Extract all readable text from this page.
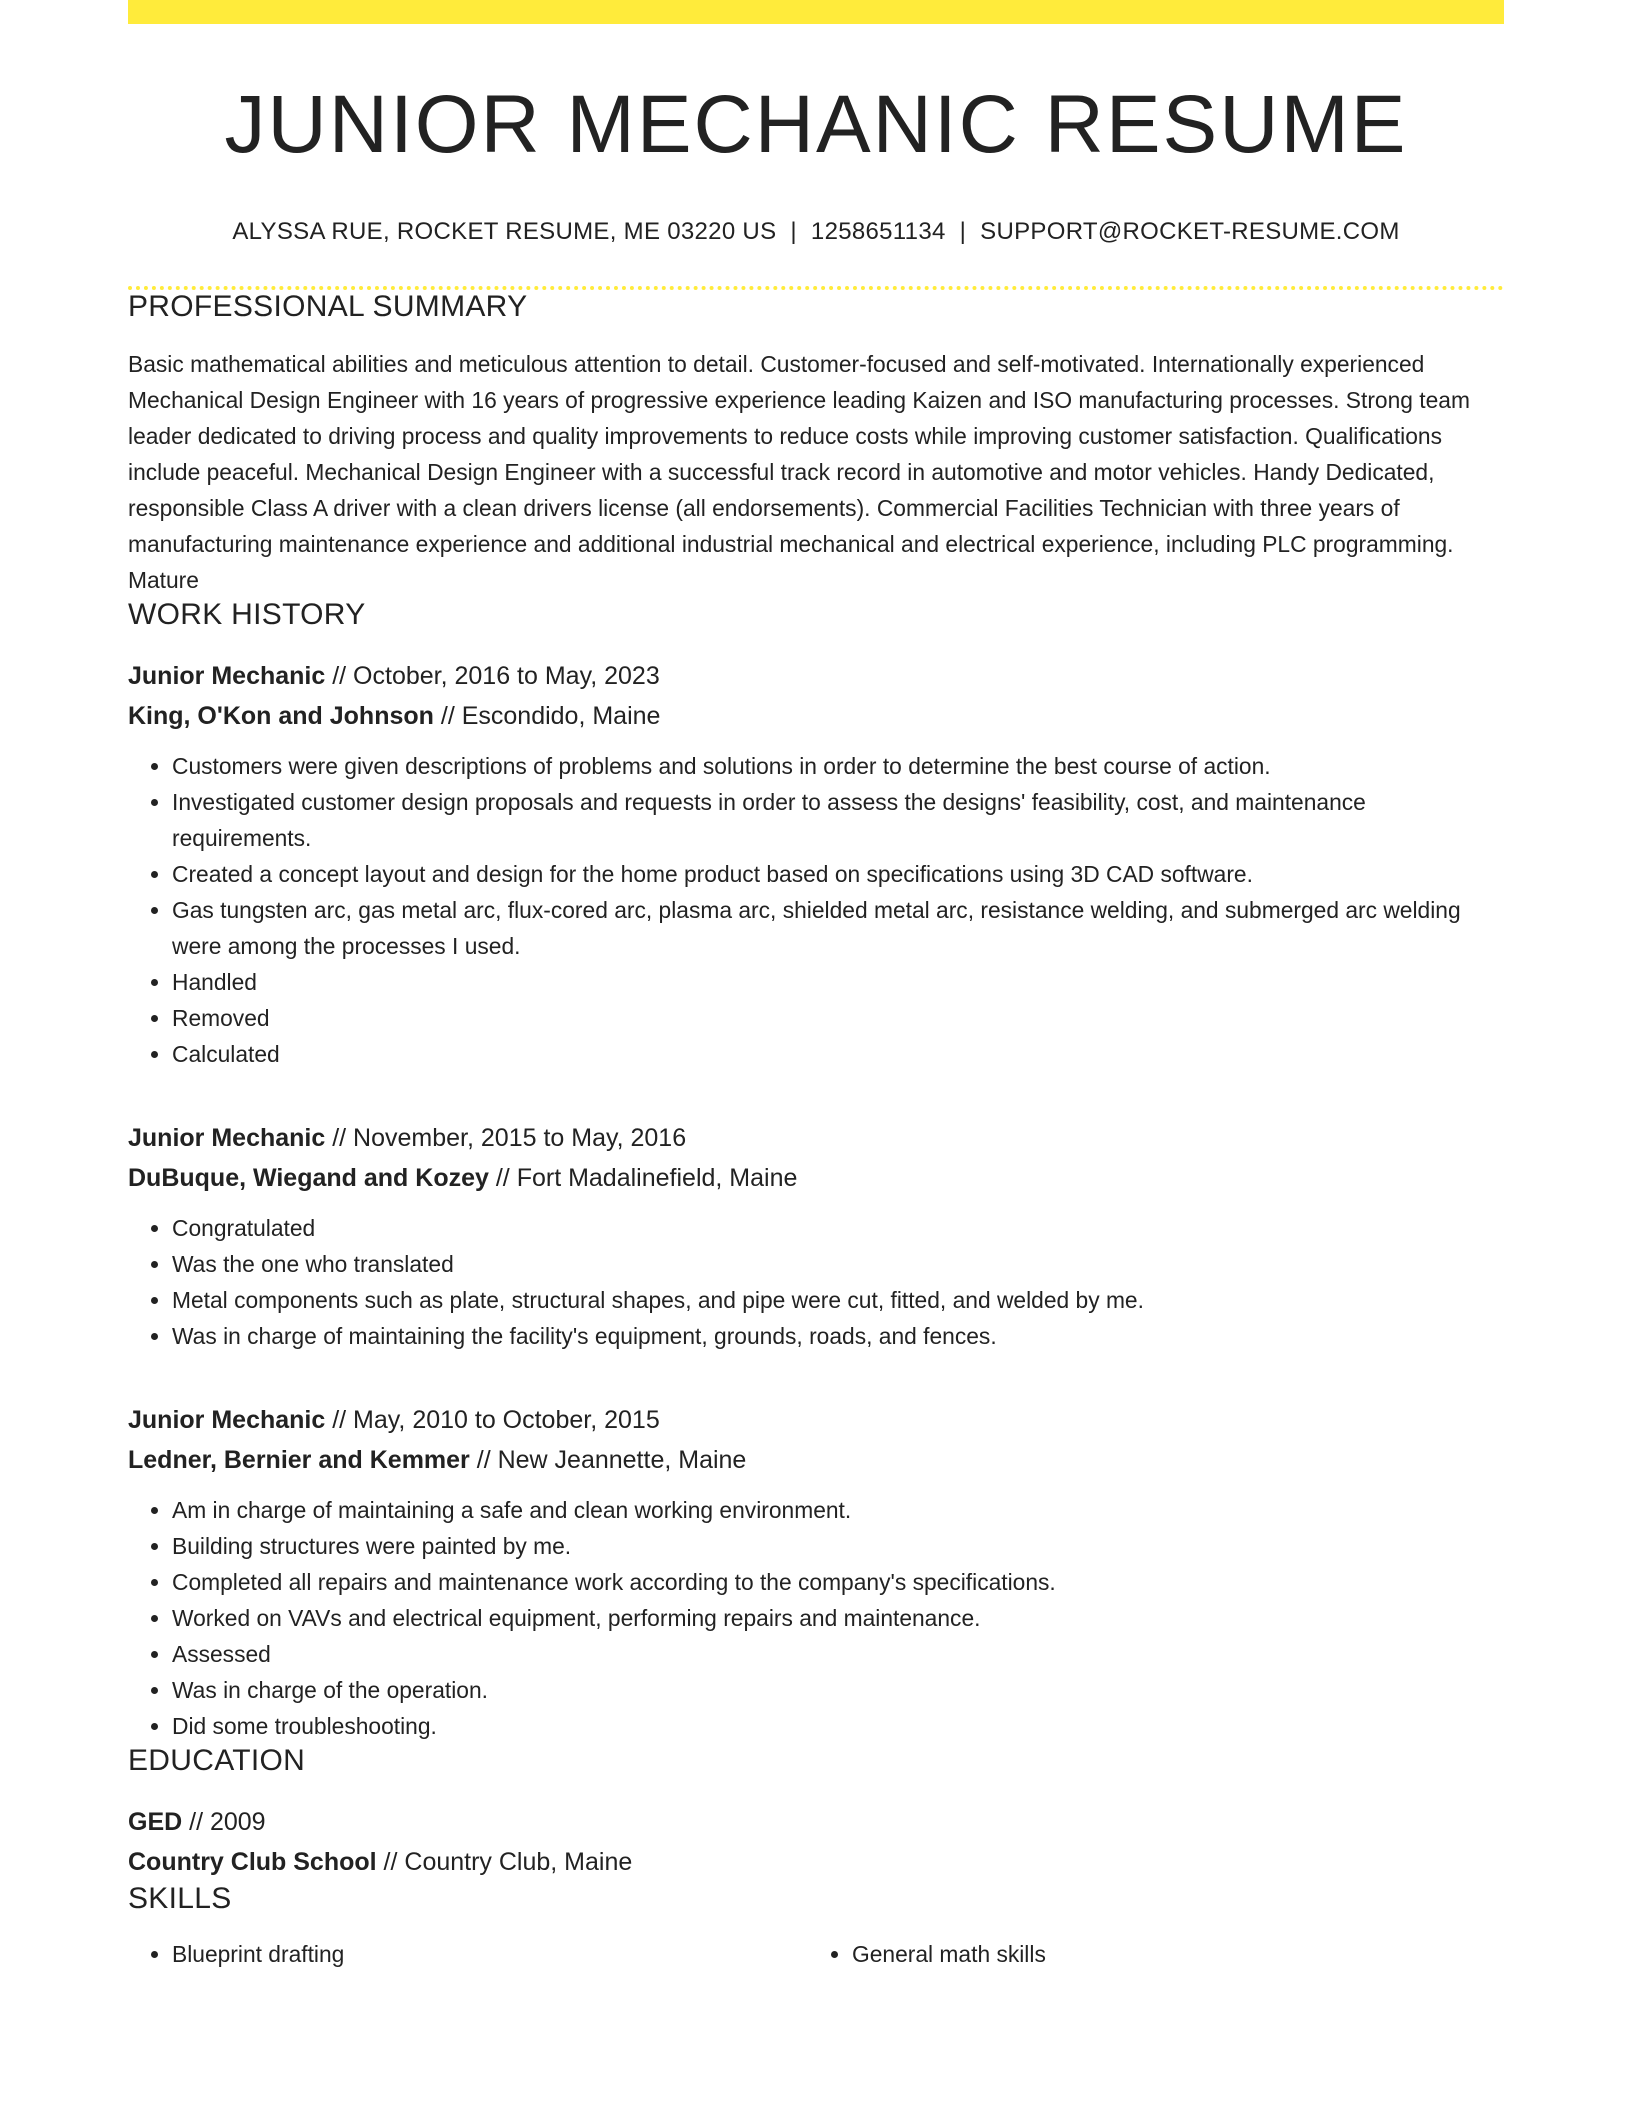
JUNIOR MECHANIC RESUME
ALYSSA RUE, ROCKET RESUME, ME 03220 US | 1258651134 | SUPPORT@ROCKET-RESUME.COM
PROFESSIONAL SUMMARY

Basic mathematical abilities and meticulous attention to detail. Customer-focused and self-motivated. Internationally experienced Mechanical Design Engineer with 16 years of progressive experience leading Kaizen and ISO manufacturing processes. Strong team leader dedicated to driving process and quality improvements to reduce costs while improving customer satisfaction. Qualifications include peaceful. Mechanical Design Engineer with a successful track record in automotive and motor vehicles. Handy Dedicated, responsible Class A driver with a clean drivers license (all endorsements). Commercial Facilities Technician with three years of manufacturing maintenance experience and additional industrial mechanical and electrical experience, including PLC programming. Mature

WORK HISTORY
Junior Mechanic // October, 2016 to May, 2023
King, O'Kon and Johnson // Escondido, Maine
• Customers were given descriptions of problems and solutions in order to determine the best course of action.
• Investigated customer design proposals and requests in order to assess the designs' feasibility, cost, and maintenance requirements.
• Created a concept layout and design for the home product based on specifications using 3D CAD software.
• Gas tungsten arc, gas metal arc, flux-cored arc, plasma arc, shielded metal arc, resistance welding, and submerged arc welding were among the processes I used.
• Handled
• Removed
• Calculated
Junior Mechanic // November, 2015 to May, 2016
DuBuque, Wiegand and Kozey // Fort Madalinefield, Maine
• Congratulated
• Was the one who translated
• Metal components such as plate, structural shapes, and pipe were cut, fitted, and welded by me.
• Was in charge of maintaining the facility's equipment, grounds, roads, and fences.
Junior Mechanic // May, 2010 to October, 2015
Ledner, Bernier and Kemmer // New Jeannette, Maine
• Am in charge of maintaining a safe and clean working environment.
• Building structures were painted by me.
• Completed all repairs and maintenance work according to the company's specifications.
• Worked on VAVs and electrical equipment, performing repairs and maintenance.
• Assessed
• Was in charge of the operation.
• Did some troubleshooting.
EDUCATION
GED // 2009
Country Club School // Country Club, Maine
SKILLS
• Blueprint drafting
•	General math skills
